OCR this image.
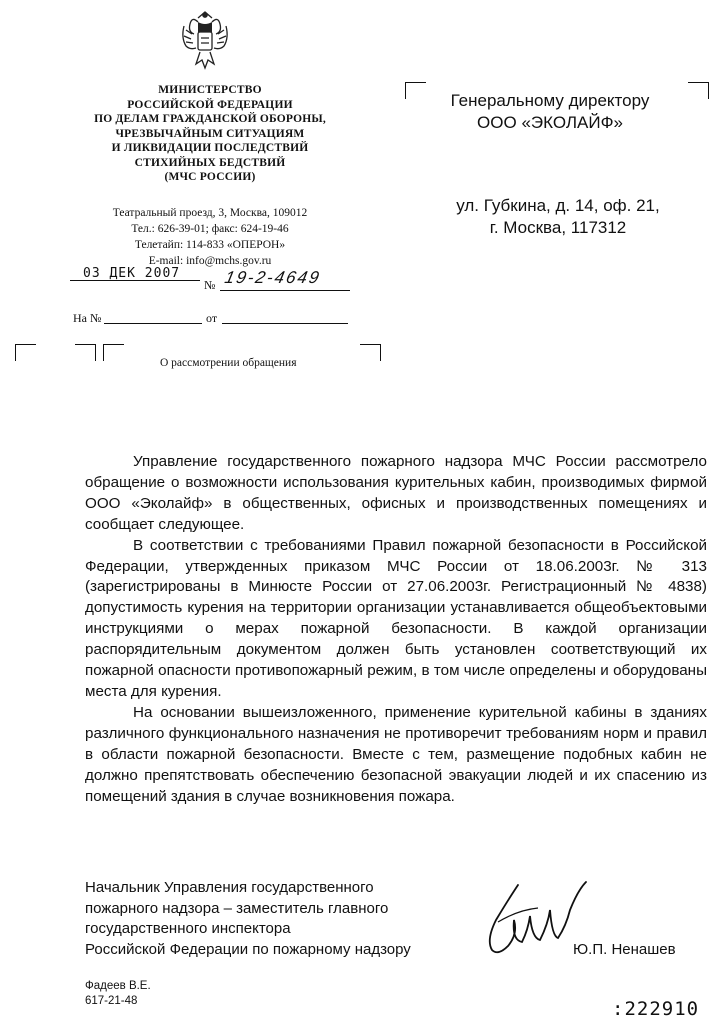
МИНИСТЕРСТВО
РОССИЙСКОЙ ФЕДЕРАЦИИ
ПО ДЕЛАМ ГРАЖДАНСКОЙ ОБОРОНЫ,
ЧРЕЗВЫЧАЙНЫМ СИТУАЦИЯМ
И ЛИКВИДАЦИИ ПОСЛЕДСТВИЙ
СТИХИЙНЫХ БЕДСТВИЙ
(МЧС РОССИИ)
Театральный проезд, 3, Москва, 109012
Тел.: 626-39-01; факс: 624-19-46
Телетайп: 114-833 «ОПЕРОН»
E-mail: info@mchs.gov.ru
03 ДЕК 2007
№ 19-2-4649
На №	от
О рассмотрении обращения
Генеральному директору
ООО «ЭКОЛАЙФ»
ул. Губкина, д. 14, оф. 21,
г. Москва, 117312

Управление государственного пожарного надзора МЧС России рассмотрело обращение о возможности использования курительных кабин, производимых фирмой ООО «Эколайф» в общественных, офисных и производственных помещениях и сообщает следующее.

В соответствии с требованиями Правил пожарной безопасности в Российской Федерации, утвержденных приказом МЧС России от 18.06.2003г. № 313 (зарегистрированы в Минюсте России от 27.06.2003г. Регистрационный № 4838) допустимость курения на территории организации устанавливается общеобъектовыми инструкциями о мерах пожарной безопасности. В каждой организации распорядительным документом должен быть установлен соответствующий их пожарной опасности противопожарный режим, в том числе определены и оборудованы места для курения.

На основании вышеизложенного, применение курительной кабины в зданиях различного функционального назначения не противоречит требованиям норм и правил в области пожарной безопасности. Вместе с тем, размещение подобных кабин не должно препятствовать обеспечению безопасной эвакуации людей и их спасению из помещений здания в случае возникновения пожара.

Начальник Управления государственного
пожарного надзора – заместитель главного
государственного инспектора
Российской Федерации по пожарному надзору	Ю.П. Ненашев
Фадеев В.Е.
617-21-48	:222910
